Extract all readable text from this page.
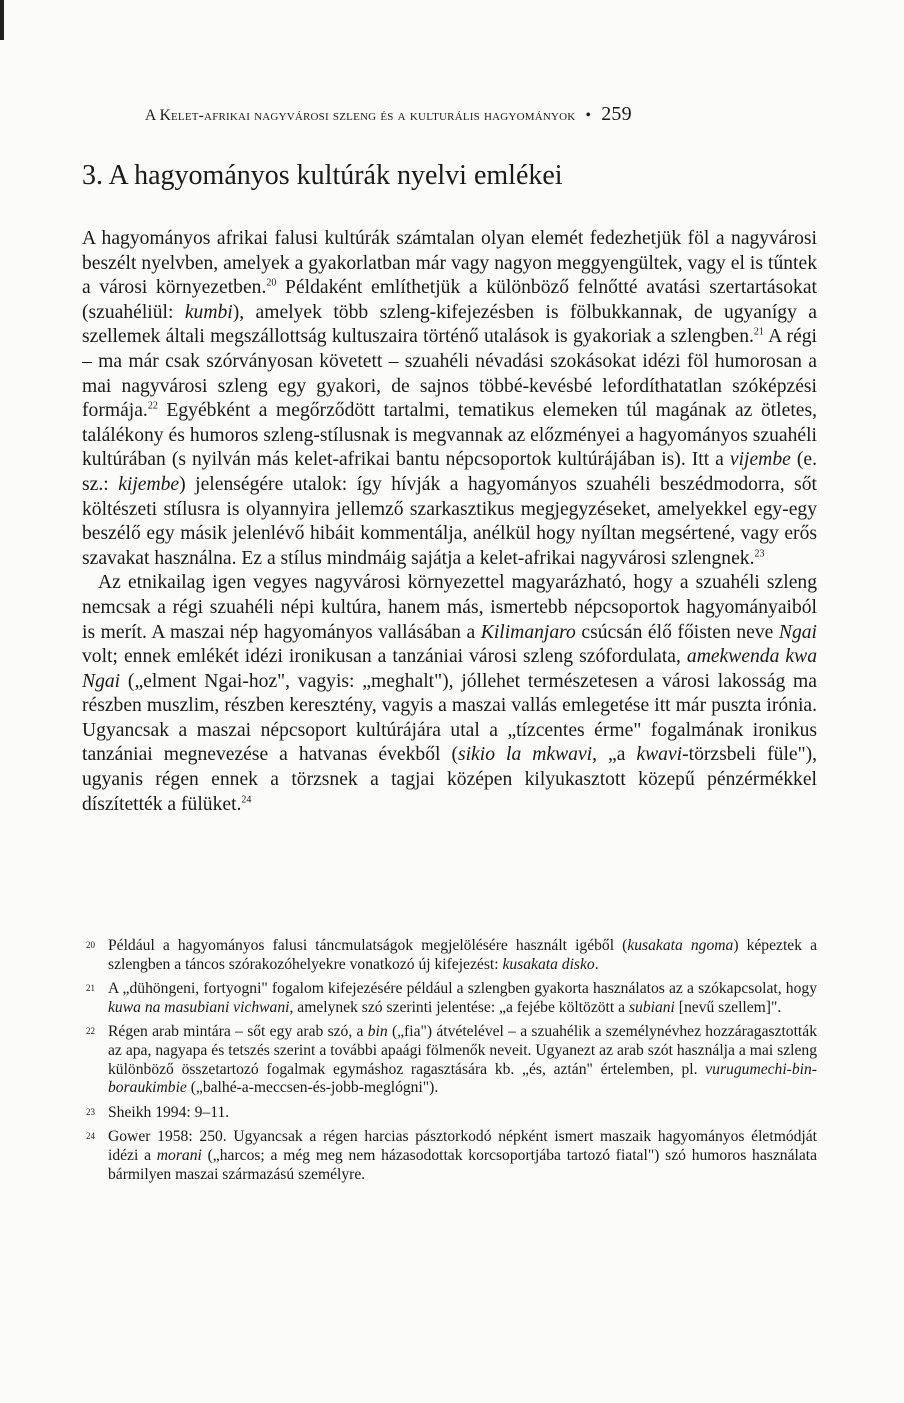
A Kelet-afrikai nagyvárosi szleng és a kulturális hagyományok • 259
3. A hagyományos kultúrák nyelvi emlékei

A hagyományos afrikai falusi kultúrák számtalan olyan elemét fedezhetjük föl a nagyvárosi beszélt nyelvben, amelyek a gyakorlatban már vagy nagyon meggyengültek, vagy el is tűntek a városi környezetben.$^{20}$ Példaként említhetjük a különböző felnőtté avatási szertartásokat (szuahéliül: kumbi), amelyek több szleng-kifejezésben is fölbukkannak, de ugyanígy a szellemek általi megszállottság kultuszaira történő utalások is gyakoriak a szlengben.$^{21}$ A régi – ma már csak szórványosan követett – szuahéli névadási szokásokat idézi föl humorosan a mai nagyvárosi szleng egy gyakori, de sajnos többé-kevésbé lefordíthatatlan szóképzési formája.$^{22}$ Egyébként a megőrződött tartalmi, tematikus elemeken túl magának az ötletes, találékony és humoros szleng-stílusnak is megvannak az előzményei a hagyományos szuahéli kultúrában (s nyilván más kelet-afrikai bantu népcsoportok kultúrájában is). Itt a vijembe (e. sz.: kijembe) jelenségére utalok: így hívják a hagyományos szuahéli beszédmodorra, sőt költészeti stílusra is olyannyira jellemző szarkasztikus megjegyzéseket, amelyekkel egy-egy beszélő egy másik jelenlévő hibáit kommentálja, anélkül hogy nyíltan megsértené, vagy erős szavakat használna. Ez a stílus mindmáig sajátja a kelet-afrikai nagyvárosi szlengnek.$^{23}$

Az etnikailag igen vegyes nagyvárosi környezettel magyarázható, hogy a szuahéli szleng nemcsak a régi szuahéli népi kultúra, hanem más, ismertebb népcsoportok hagyományaiból is merít. A maszai nép hagyományos vallásában a Kilimanjaro csúcsán élő főisten neve Ngai volt; ennek emlékét idézi ironikusan a tanzániai városi szleng szófordulata, amekwenda kwa Ngai („elment Ngai-hoz", vagyis: „meghalt"), jóllehet természetesen a városi lakosság ma részben muszlim, részben keresztény, vagyis a maszai vallás emlegetése itt már puszta irónia. Ugyancsak a maszai népcsoport kultúrájára utal a „tízcentes érme" fogalmának ironikus tanzániai megnevezése a hatvanas évekből (sikio la mkwavi, „a kwavi-törzsbeli füle"), ugyanis régen ennek a törzsnek a tagjai középen kilyukasztott közepű pénzérmékkel díszítették a fülüket.$^{24}$

20 Például a hagyományos falusi táncmulatságok megjelölésére használt igéből (kusakata ngoma) képeztek a szlengben a táncos szórakozóhelyekre vonatkozó új kifejezést: kusakata disko.
21 A „dühöngeni, fortyogni" fogalom kifejezésére például a szlengben gyakorta használatos az a szókapcsolat, hogy kuwa na masubiani vichwani, amelynek szó szerinti jelentése: „a fejébe költözött a subiani [nevű szellem]".
22 Régen arab mintára – sőt egy arab szó, a bin („fia") átvételével – a szuahélik a személynévhez hozzáragasztották az apa, nagyapa és tetszés szerint a további apaági fölmenők neveit. Ugyanezt az arab szót használja a mai szleng különböző összetartozó fogalmak egymáshoz ragasztására kb. „és, aztán" értelemben, pl. vurugumechi-bin-boraukimbie („balhé-a-meccsen-és-jobb-meglógni").
23 Sheikh 1994: 9–11.
24 Gower 1958: 250. Ugyancsak a régen harcias pásztorkodó népként ismert maszaik hagyományos életmódját idézi a morani („harcos; a még meg nem házasodottak korcsoportjába tartozó fiatal") szó humoros használata bármilyen maszai származású személyre.
